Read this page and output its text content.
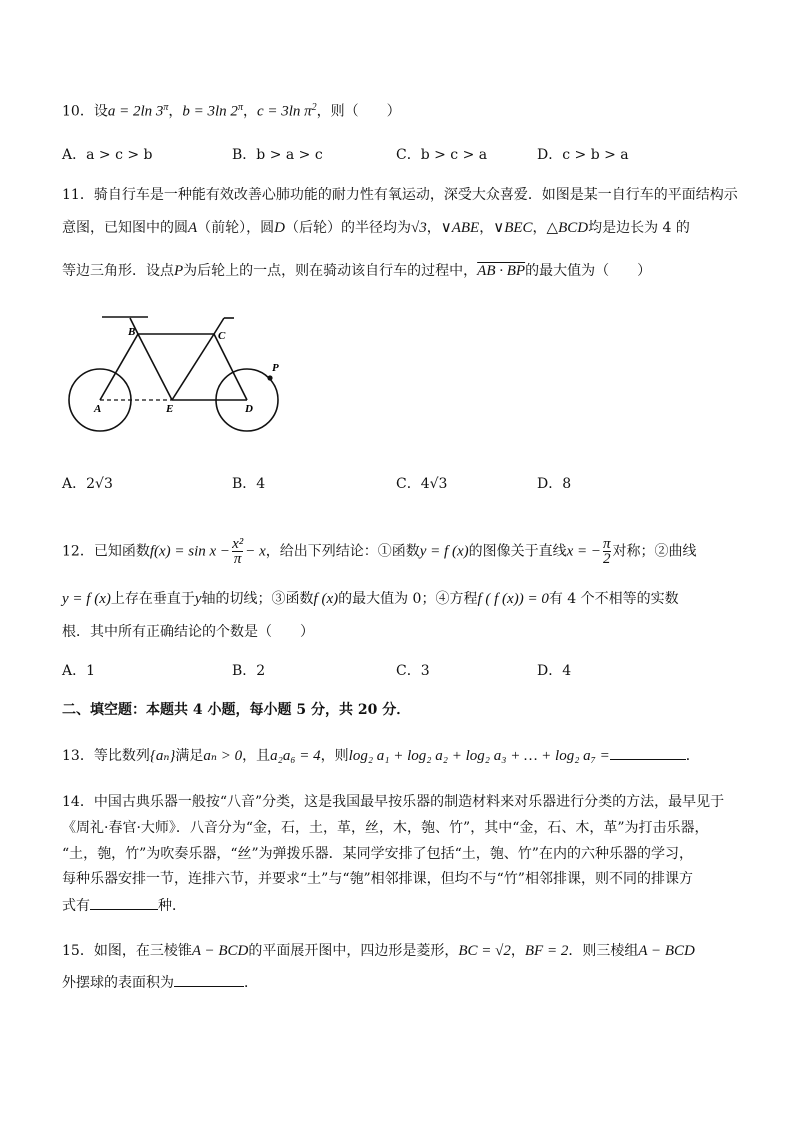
10．设a = 2ln $3^\pi$，b = 3ln $2^\pi$，c = 3ln $\pi^2$，则（　　）
A．a > c > b	B．b > a > c	C．b > c > a	D．c > b > a
11．骑自行车是一种能有效改善心肺功能的耐力性有氧运动，深受大众喜爱．如图是某一自行车的平面结构示
意图，已知图中的圆A（前轮），圆D（后轮）的半径均为√3，∨ABE，∨BEC，△BCD均是边长为 4 的
等边三角形．设点P为后轮上的一点，则在骑动该自行车的过程中，AB · BP的最大值为（　　）
A
B	C
D
E
P
A．2√3	B．4	C．4√3	D．8
12．已知函数$f(x) = \sin x - \frac{\text{x²}}{\pi} - x$，给出下列结论：①函数y = f (x)的图像关于直线x = − $\frac{\pi}{2}$ 对称；②曲线
y = f (x)上存在垂直于y轴的切线；③函数f (x)的最大值为 0；④方程f ( f (x)) = 0有 4 个不相等的实数
根．其中所有正确结论的个数是（　　）
A．1	B．2	C．3	D．4
二、填空题：本题共 4 小题，每小题 5 分，共 20 分．
13．等比数列{aₙ}满足aₙ > 0，且a₂a₆ = 4，则log₂ a₁ + log₂ a₂ + log₂ a₃ + … + log₂ a₇ =	．
14．中国古典乐器一般按“八音”分类，这是我国最早按乐器的制造材料来对乐器进行分类的方法，最早见于
《周礼·春官·大师》．八音分为“金，石，土，革，丝，木，匏、竹”，其中“金，石、木，革”为打击乐器，
“土，匏，竹”为吹奏乐器，“丝”为弹拨乐器．某同学安排了包括“土，匏、竹”在内的六种乐器的学习，
每种乐器安排一节，连排六节，并要求“土”与“匏”相邻排课，但均不与“竹”相邻排课，则不同的排课方
式有	种．
15．如图，在三棱锥A − BCD的平面展开图中，四边形是菱形，BC = √2，BF = 2．则三棱组A − BCD
外摆球的表面积为	．
